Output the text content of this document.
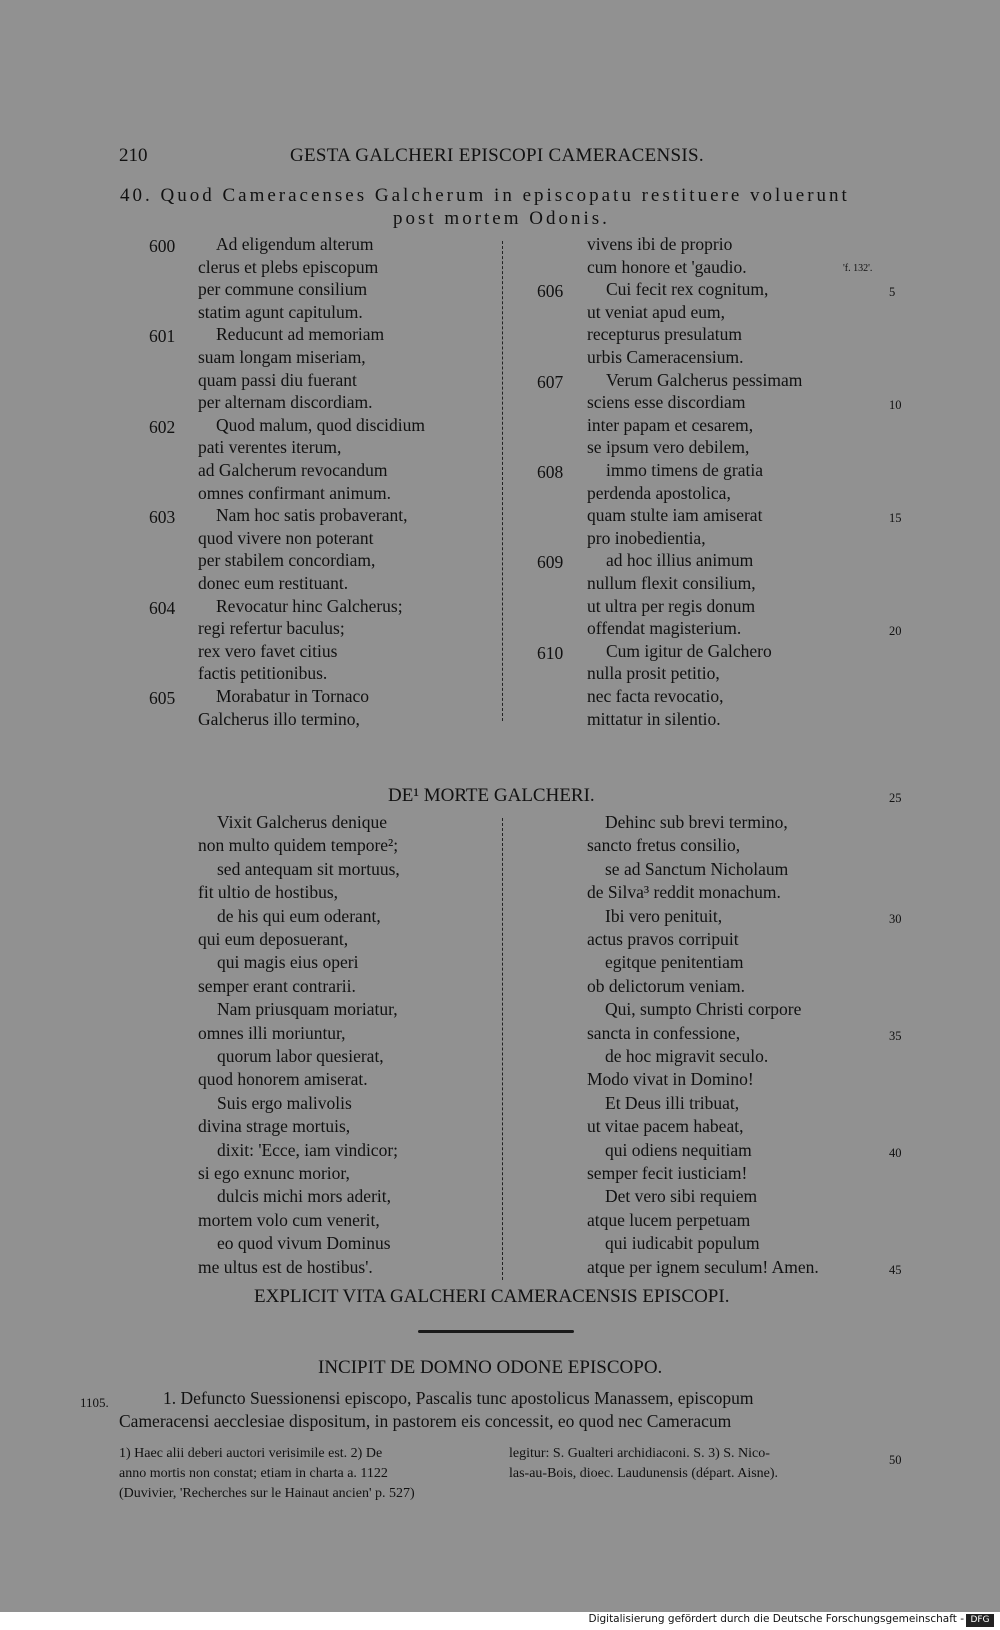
210	GESTA GALCHERI EPISCOPI CAMERACENSIS.
40. Quod Cameracenses Galcherum in episcopatu restituere voluerunt
post mortem Odonis.
600 Ad eligendum alterum
clerus et plebs episcopum
per commune consilium
statim agunt capitulum.
601 Reducunt ad memoriam
suam longam miseriam,
quam passi diu fuerant
per alternam discordiam.
602 Quod malum, quod discidium
pati verentes iterum,
ad Galcherum revocandum
omnes confirmant animum.
603 Nam hoc satis probaverant,
quod vivere non poterant
per stabilem concordiam,
donec eum restituant.
604 Revocatur hinc Galcherus;
regi refertur baculus;
rex vero favet citius
factis petitionibus.
605 Morabatur in Tornaco
Galcherus illo termino,
vivens ibi de proprio
cum honore et 'gaudio.	'f. 132'.
606 Cui fecit rex cognitum,	5
ut veniat apud eum,
recepturus presulatum
urbis Cameracensium.
607 Verum Galcherus pessimam
sciens esse discordiam	10
inter papam et cesarem,
se ipsum vero debilem,
608 immo timens de gratia
perdenda apostolica,
quam stulte iam amiserat	15
pro inobedientia,
609 ad hoc illius animum
nullum flexit consilium,
ut ultra per regis donum
offendat magisterium.	20
610 Cum igitur de Galchero
nulla prosit petitio,
nec facta revocatio,
mittatur in silentio.
DE¹ MORTE GALCHERI.	25
Vixit Galcherus denique
non multo quidem tempore²;
sed antequam sit mortuus,
fit ultio de hostibus,
de his qui eum oderant,
qui eum deposuerant,
qui magis eius operi
semper erant contrarii.
Nam priusquam moriatur,
omnes illi moriuntur,
quorum labor quesierat,
quod honorem amiserat.
Suis ergo malivolis
divina strage mortuis,
dixit: 'Ecce, iam vindicor;
si ego exnunc morior,
dulcis michi mors aderit,
mortem volo cum venerit,
eo quod vivum Dominus
me ultus est de hostibus'.
Dehinc sub brevi termino,
sancto fretus consilio,
se ad Sanctum Nicholaum
de Silva³ reddit monachum.
Ibi vero penituit,	30
actus pravos corripuit
egitque penitentiam
ob delictorum veniam.
Qui, sumpto Christi corpore
sancta in confessione,	35
de hoc migravit seculo.
Modo vivat in Domino!
Et Deus illi tribuat,
ut vitae pacem habeat,
qui odiens nequitiam	40
semper fecit iusticiam!
Det vero sibi requiem
atque lucem perpetuam
qui iudicabit populum
atque per ignem seculum! Amen.	45
EXPLICIT VITA GALCHERI CAMERACENSIS EPISCOPI.
INCIPIT DE DOMNO ODONE EPISCOPO.
1105.	1. Defuncto Suessionensi episcopo, Pascalis tunc apostolicus Manassem, episcopum
Cameracensi aecclesiae dispositum, in pastorem eis concessit, eo quod nec Cameracum
1) Haec alii deberi auctori verisimile est. 2) De
anno mortis non constat; etiam in charta a. 1122
(Duvivier, 'Recherches sur le Hainaut ancien' p. 527)
legitur: S. Gualteri archidiaconi. S. 3) S. Nico-
las-au-Bois, dioec. Laudunensis (départ. Aisne).
50
Digitalisierung gefördert durch die Deutsche Forschungsgemeinschaft - DFG
